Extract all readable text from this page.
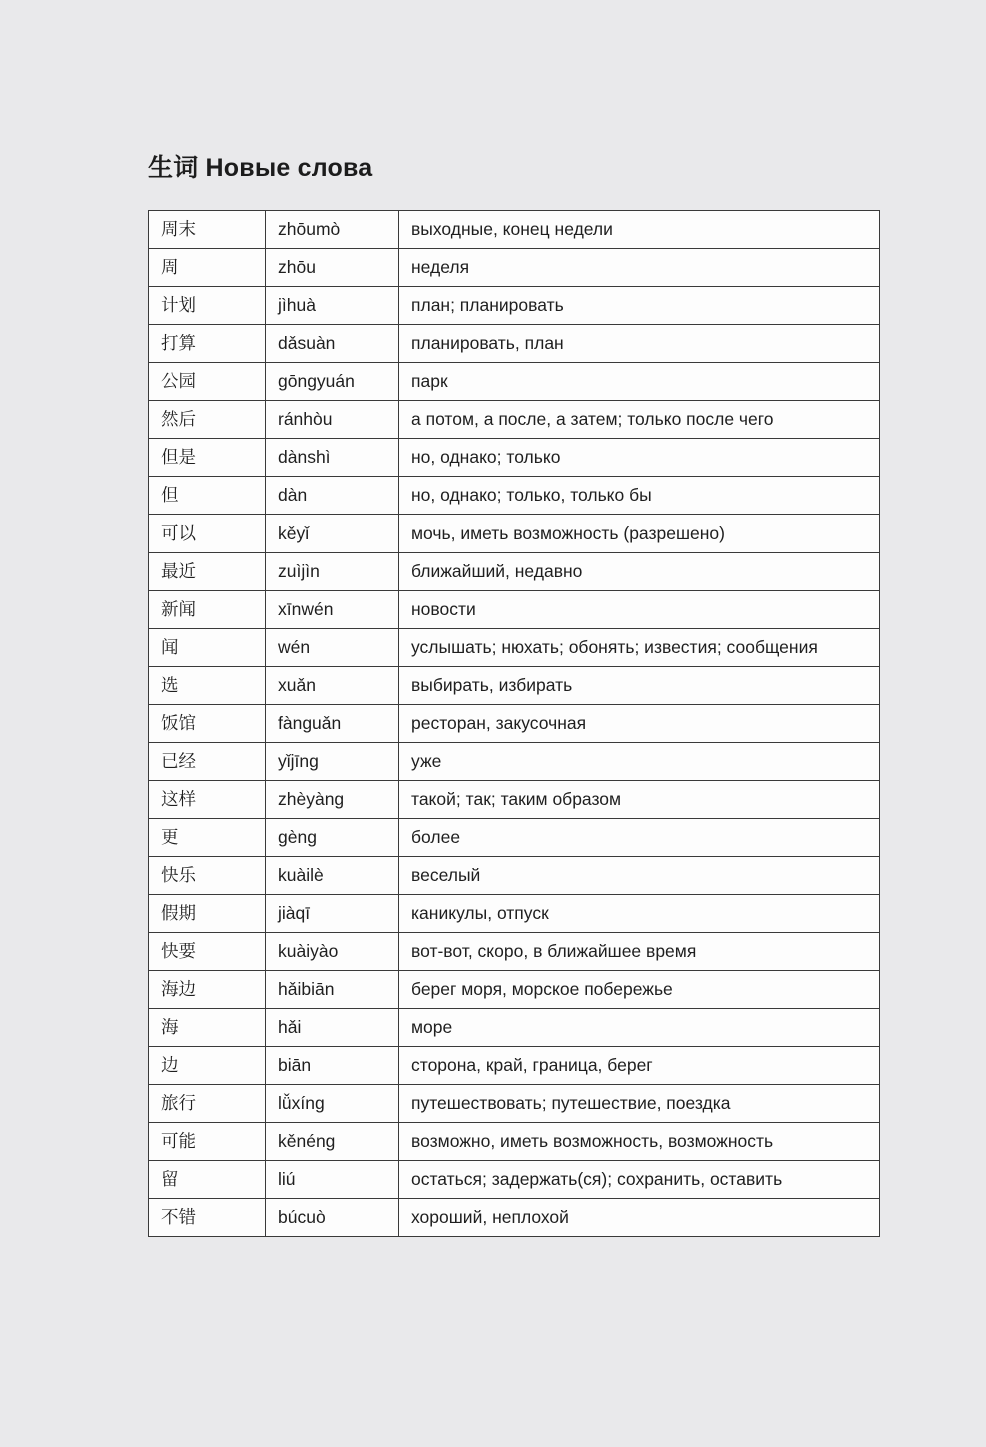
生词 Новые слова
周末	zhōumò	выходные, конец недели
周	zhōu	неделя
计划	jìhuà	план; планировать
打算	dǎsuàn	планировать, план
公园	gōngyuán	парк
然后	ránhòu	а потом, а после, а затем; только после чего
但是	dànshì	но, однако; только
但	dàn	но, однако; только, только бы
可以	kěyǐ	мочь, иметь возможность (разрешено)
最近	zuìjìn	ближайший, недавно
新闻	xīnwén	новости
闻	wén	услышать; нюхать; обонять; известия; сообщения
选	xuǎn	выбирать, избирать
饭馆	fànguǎn	ресторан, закусочная
已经	yǐjīng	уже
这样	zhèyàng	такой; так; таким образом
更	gèng	более
快乐	kuàilè	веселый
假期	jiàqī	каникулы, отпуск
快要	kuàiyào	вот-вот, скоро, в ближайшее время
海边	hǎibiān	берег моря, морское побережье
海	hǎi	море
边	biān	сторона, край, граница, берег
旅行	lǚxíng	путешествовать; путешествие, поездка
可能	kěnéng	возможно, иметь возможность, возможность
留	liú	остаться; задержать(ся); сохранить, оставить
不错	búcuò	хороший, неплохой
